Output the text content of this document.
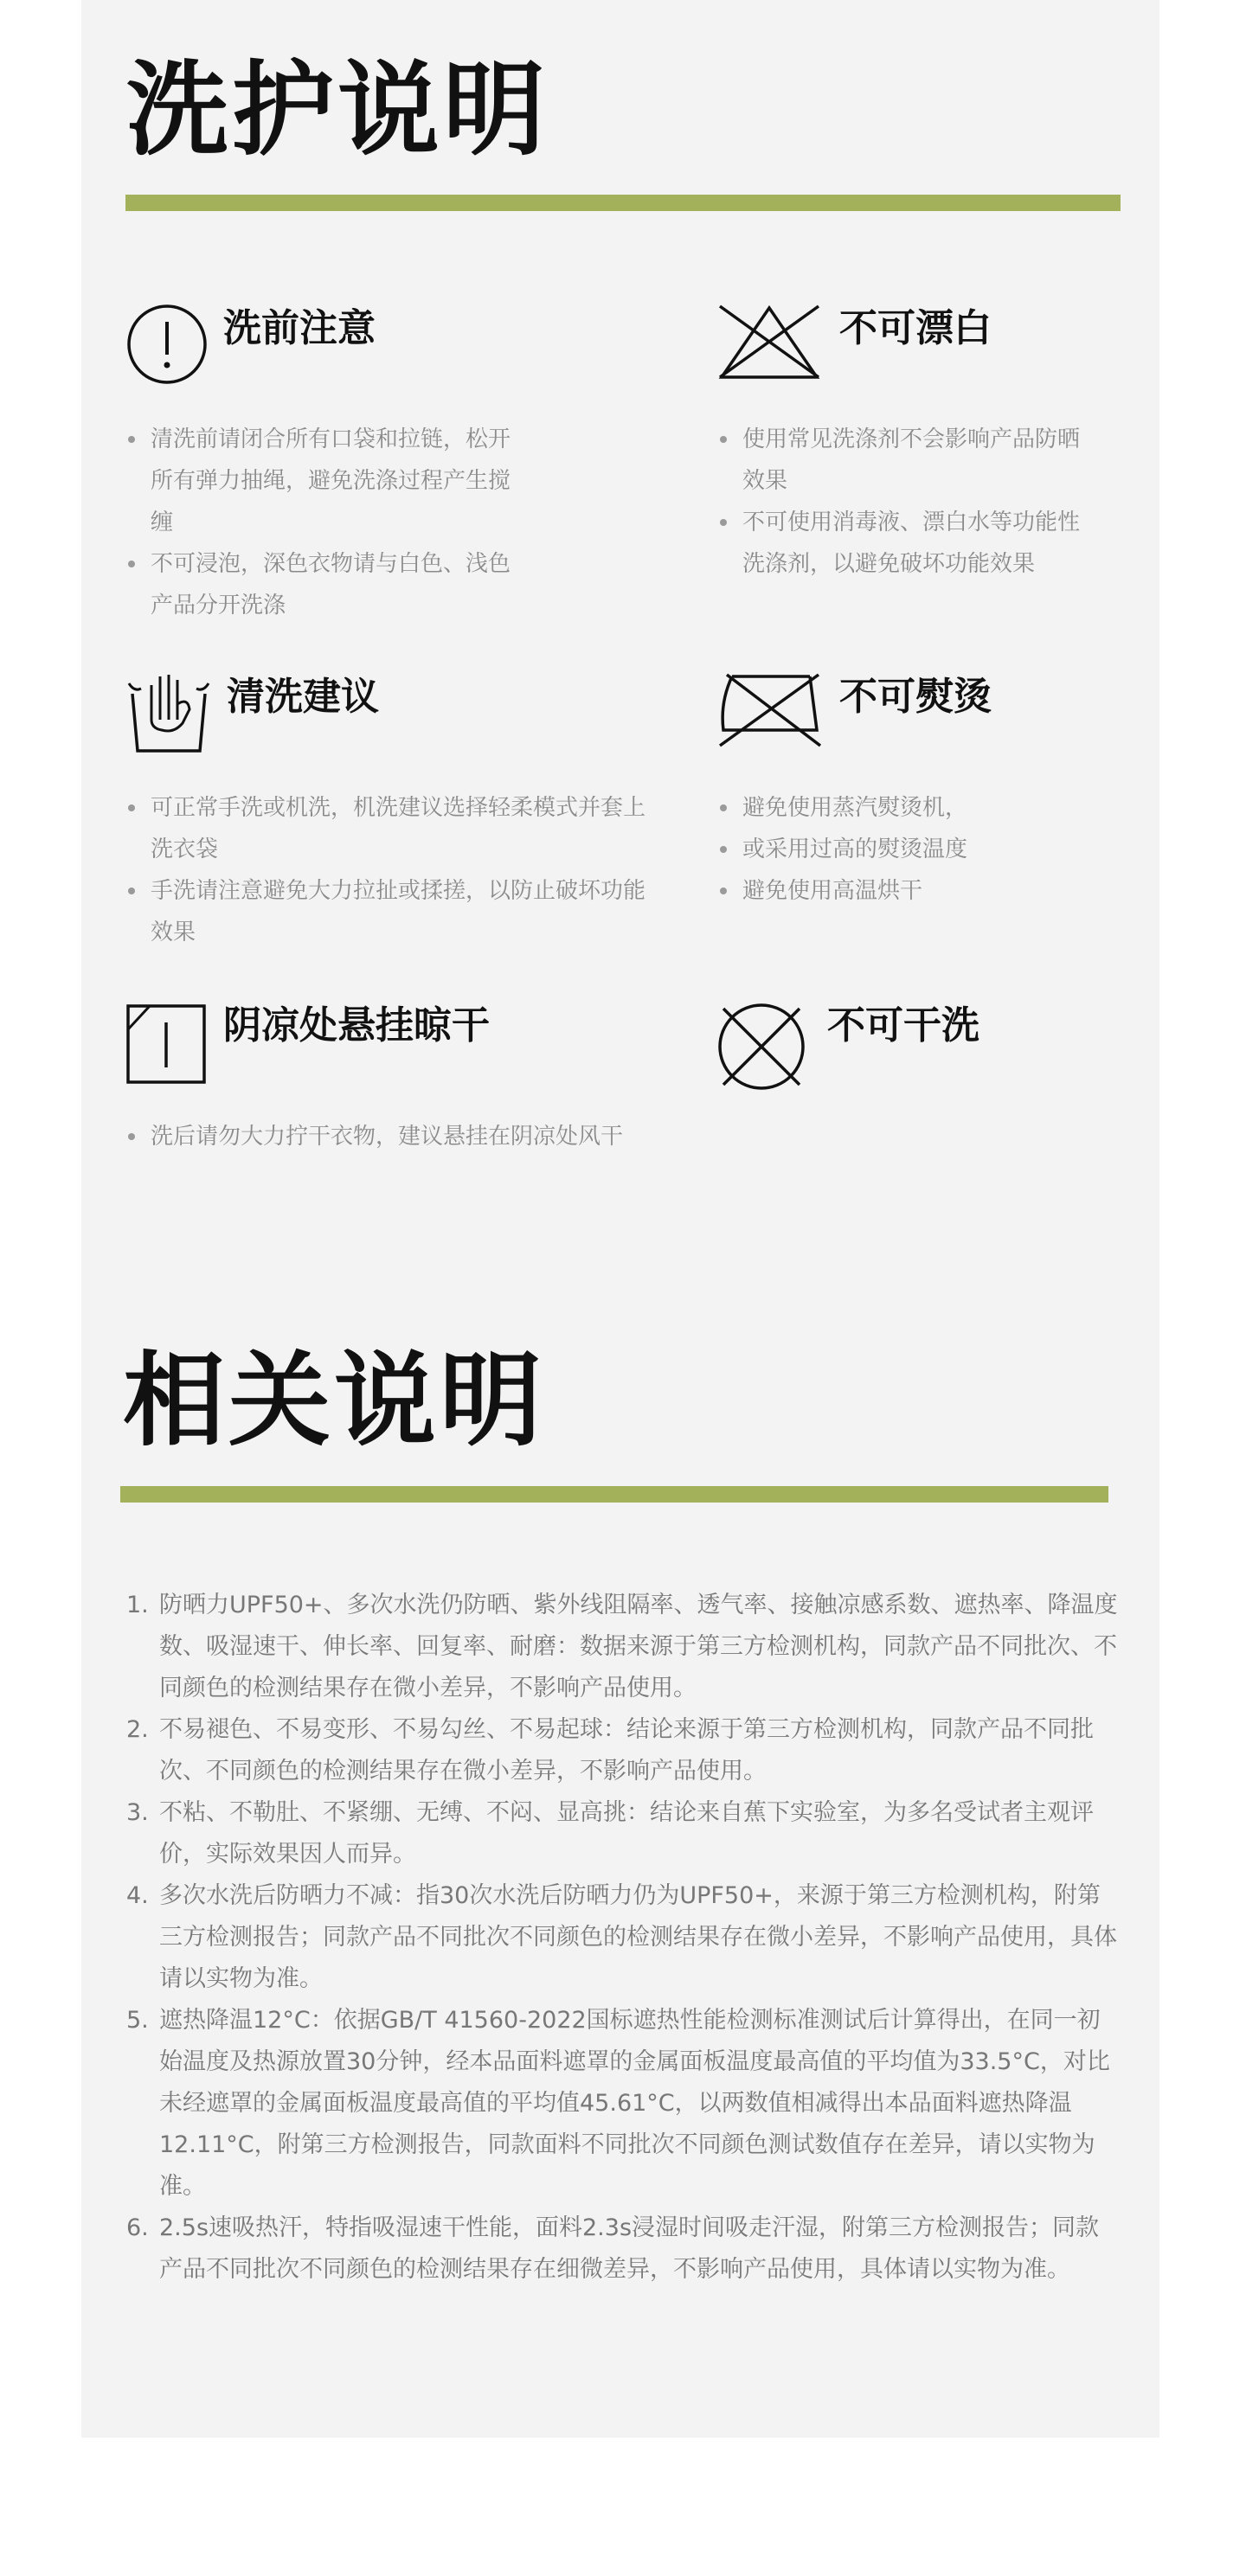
洗护说明
洗前注意
清洗前请闭合所有口袋和拉链，松开所有弹力抽绳，避免洗涤过程产生搅缠
不可浸泡，深色衣物请与白色、浅色产品分开洗涤
不可漂白
使用常见洗涤剂不会影响产品防晒效果
不可使用消毒液、漂白水等功能性洗涤剂，以避免破坏功能效果
清洗建议
可正常手洗或机洗，机洗建议选择轻柔模式并套上洗衣袋
手洗请注意避免大力拉扯或揉搓，以防止破坏功能效果
不可熨烫
避免使用蒸汽熨烫机，
或采用过高的熨烫温度
避免使用高温烘干
阴凉处悬挂晾干
洗后请勿大力拧干衣物，建议悬挂在阴凉处风干
不可干洗
相关说明
1. 防晒力UPF50+、多次水洗仍防晒、紫外线阻隔率、透气率、接触凉感系数、遮热率、降温度数、吸湿速干、伸长率、回复率、耐磨：数据来源于第三方检测机构，同款产品不同批次、不同颜色的检测结果存在微小差异，不影响产品使用。
2. 不易褪色、不易变形、不易勾丝、不易起球：结论来源于第三方检测机构，同款产品不同批次、不同颜色的检测结果存在微小差异，不影响产品使用。
3. 不粘、不勒肚、不紧绷、无缚、不闷、显高挑：结论来自蕉下实验室，为多名受试者主观评价，实际效果因人而异。
4. 多次水洗后防晒力不减：指30次水洗后防晒力仍为UPF50+，来源于第三方检测机构，附第三方检测报告；同款产品不同批次不同颜色的检测结果存在微小差异，不影响产品使用，具体请以实物为准。
5. 遮热降温12°C：依据GB/T 41560-2022国标遮热性能检测标准测试后计算得出，在同一初始温度及热源放置30分钟，经本品面料遮罩的金属面板温度最高值的平均值为33.5°C，对比未经遮罩的金属面板温度最高值的平均值45.61°C，以两数值相减得出本品面料遮热降温12.11°C，附第三方检测报告，同款面料不同批次不同颜色测试数值存在差异，请以实物为准。
6. 2.5s速吸热汗，特指吸湿速干性能，面料2.3s浸湿时间吸走汗湿，附第三方检测报告；同款产品不同批次不同颜色的检测结果存在细微差异，不影响产品使用，具体请以实物为准。
